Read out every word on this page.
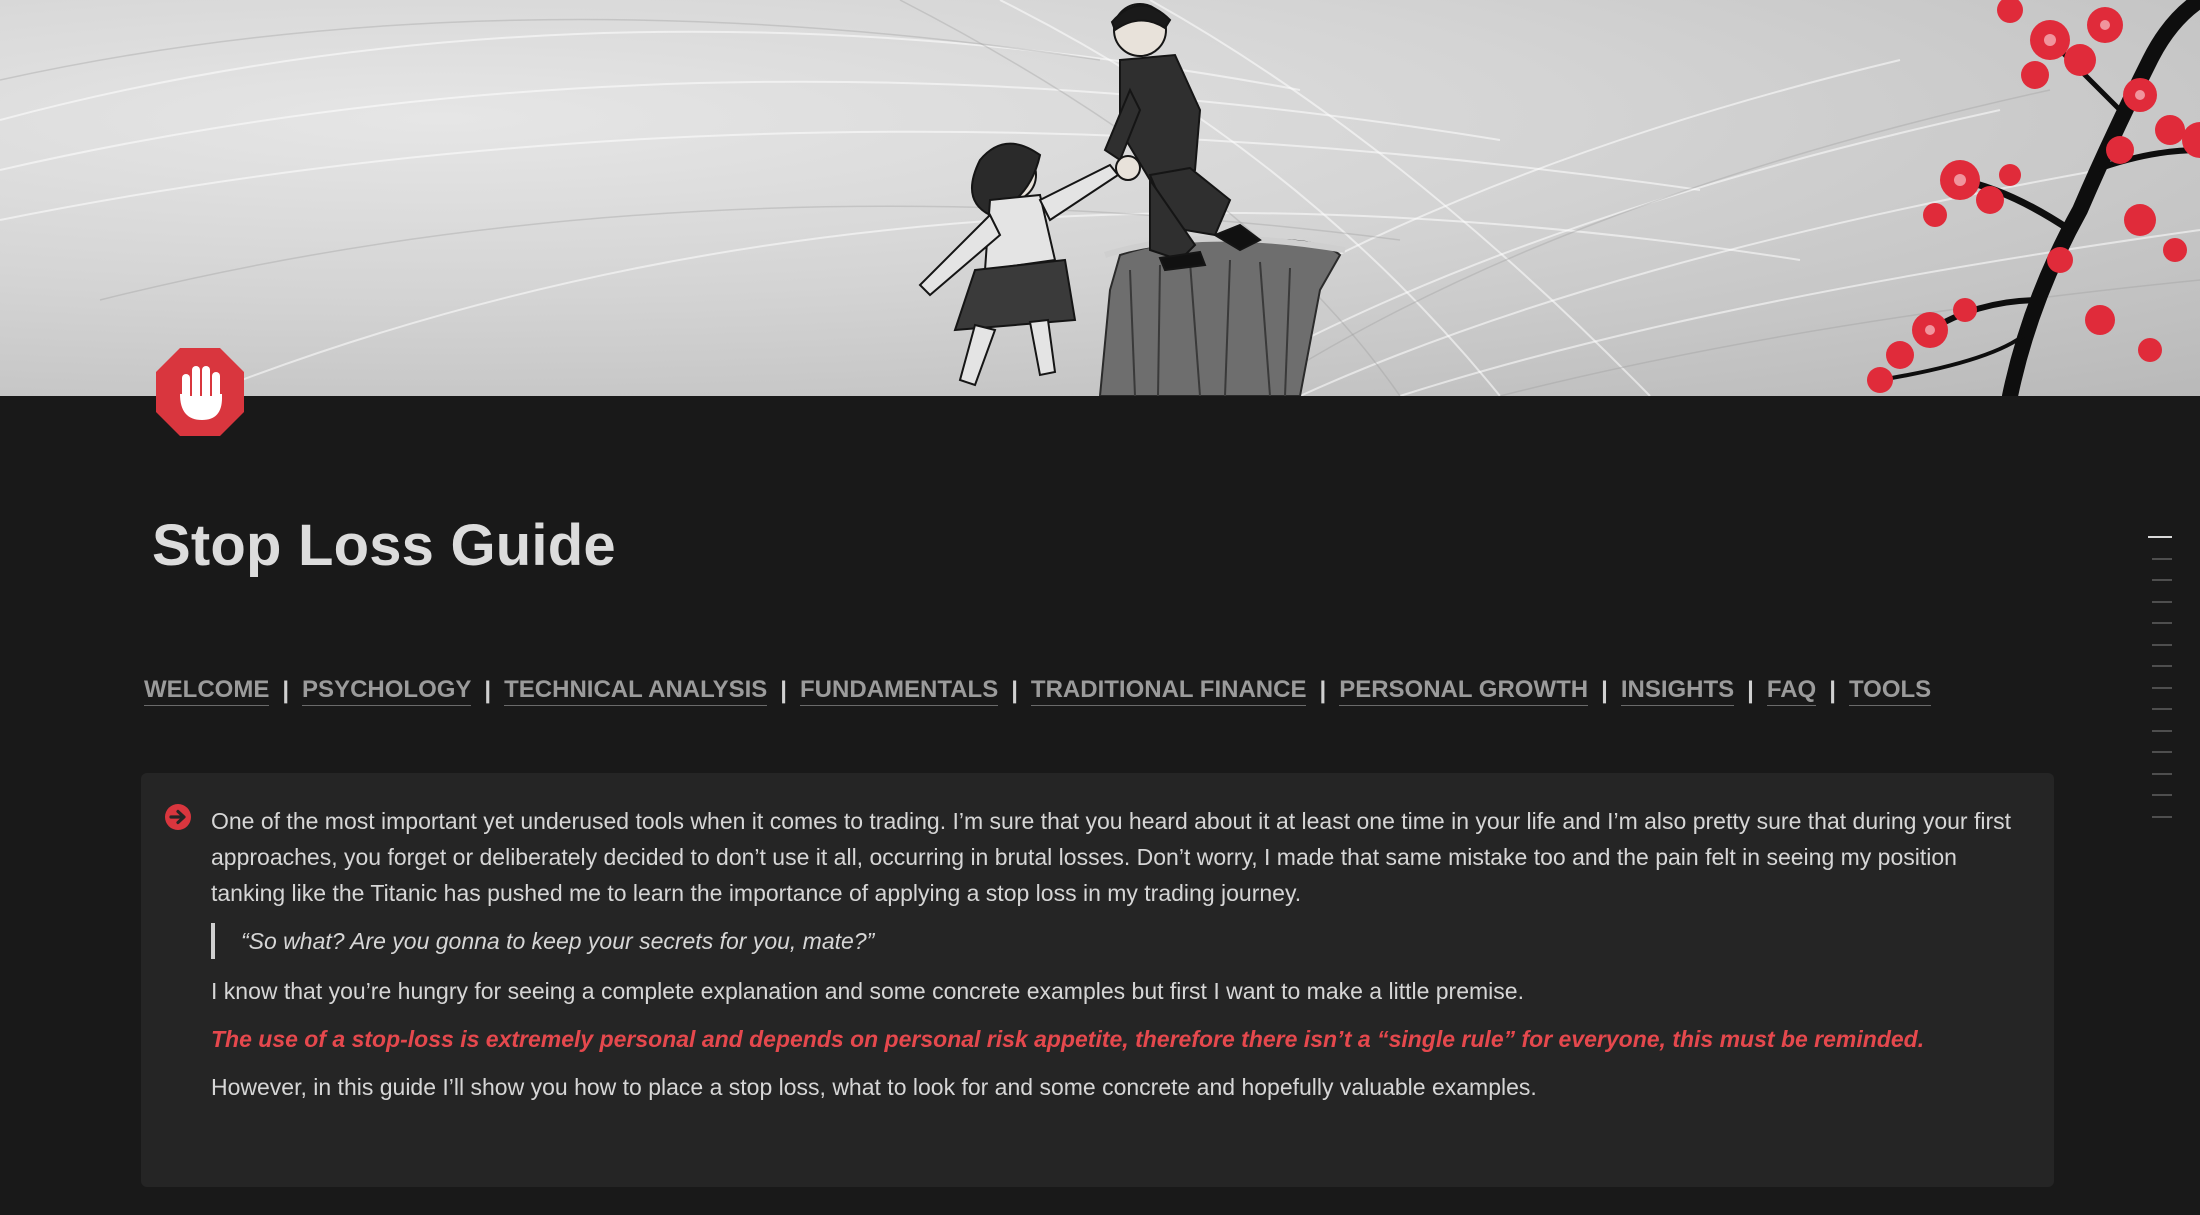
Stop Loss Guide
WELCOME | PSYCHOLOGY | TECHNICAL ANALYSIS | FUNDAMENTALS | TRADITIONAL FINANCE | PERSONAL GROWTH | INSIGHTS | FAQ | TOOLS

One of the most important yet underused tools when it comes to trading. I’m sure that you heard about it at least one time in your life and I’m also pretty sure that during your first approaches, you forget or deliberately decided to don’t use it all, occurring in brutal losses. Don’t worry, I made that same mistake too and the pain felt in seeing my position tanking like the Titanic has pushed me to learn the importance of applying a stop loss in my trading journey.

“So what? Are you gonna to keep your secrets for you, mate?”

I know that you’re hungry for seeing a complete explanation and some concrete examples but first I want to make a little premise.

The use of a stop-loss is extremely personal and depends on personal risk appetite, therefore there isn’t a “single rule” for everyone, this must be reminded.

However, in this guide I’ll show you how to place a stop loss, what to look for and some concrete and hopefully valuable examples.
